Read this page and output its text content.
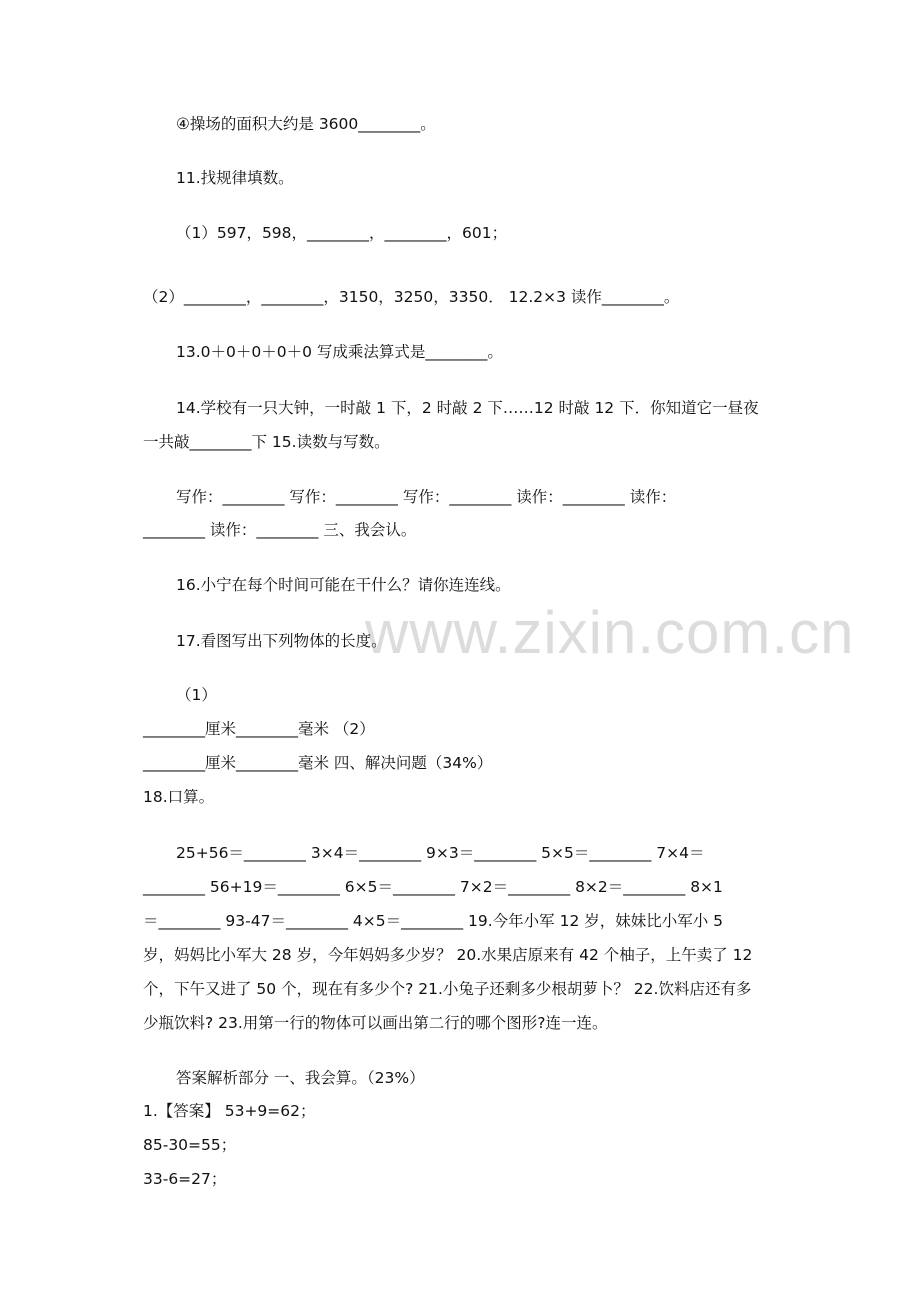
www.zixin.com.cn
④操场的面积大约是 3600________。
11.找规律填数。
（1）597，598，________，________，601；
（2）________，________，3150，3250，3350． 12.2×3 读作________。
13.0＋0＋0＋0＋0 写成乘法算式是________。
14.学校有一只大钟，一时敲 1 下，2 时敲 2 下……12 时敲 12 下．你知道它一昼夜
一共敲________下 15.读数与写数。
写作：________ 写作：________ 写作：________ 读作：________ 读作：
________ 读作：________ 三、我会认。
16.小宁在每个时间可能在干什么？请你连连线。
17.看图写出下列物体的长度。
（1）
________厘米________毫米 （2）
________厘米________毫米 四、解决问题（34%）
18.口算。
25+56＝________ 3×4＝________ 9×3＝________ 5×5＝________ 7×4＝
________ 56+19＝________ 6×5＝________ 7×2＝________ 8×2＝________ 8×1
＝________ 93-47＝________ 4×5＝________ 19.今年小军 12 岁，妹妹比小军小 5
岁，妈妈比小军大 28 岁，今年妈妈多少岁？ 20.水果店原来有 42 个柚子，上午卖了 12
个，下午又进了 50 个，现在有多少个? 21.小兔子还剩多少根胡萝卜？ 22.饮料店还有多
少瓶饮料? 23.用第一行的物体可以画出第二行的哪个图形?连一连。
答案解析部分 一、我会算。（23%）
1.【答案】 53+9=62；
85-30=55；
33-6=27；
